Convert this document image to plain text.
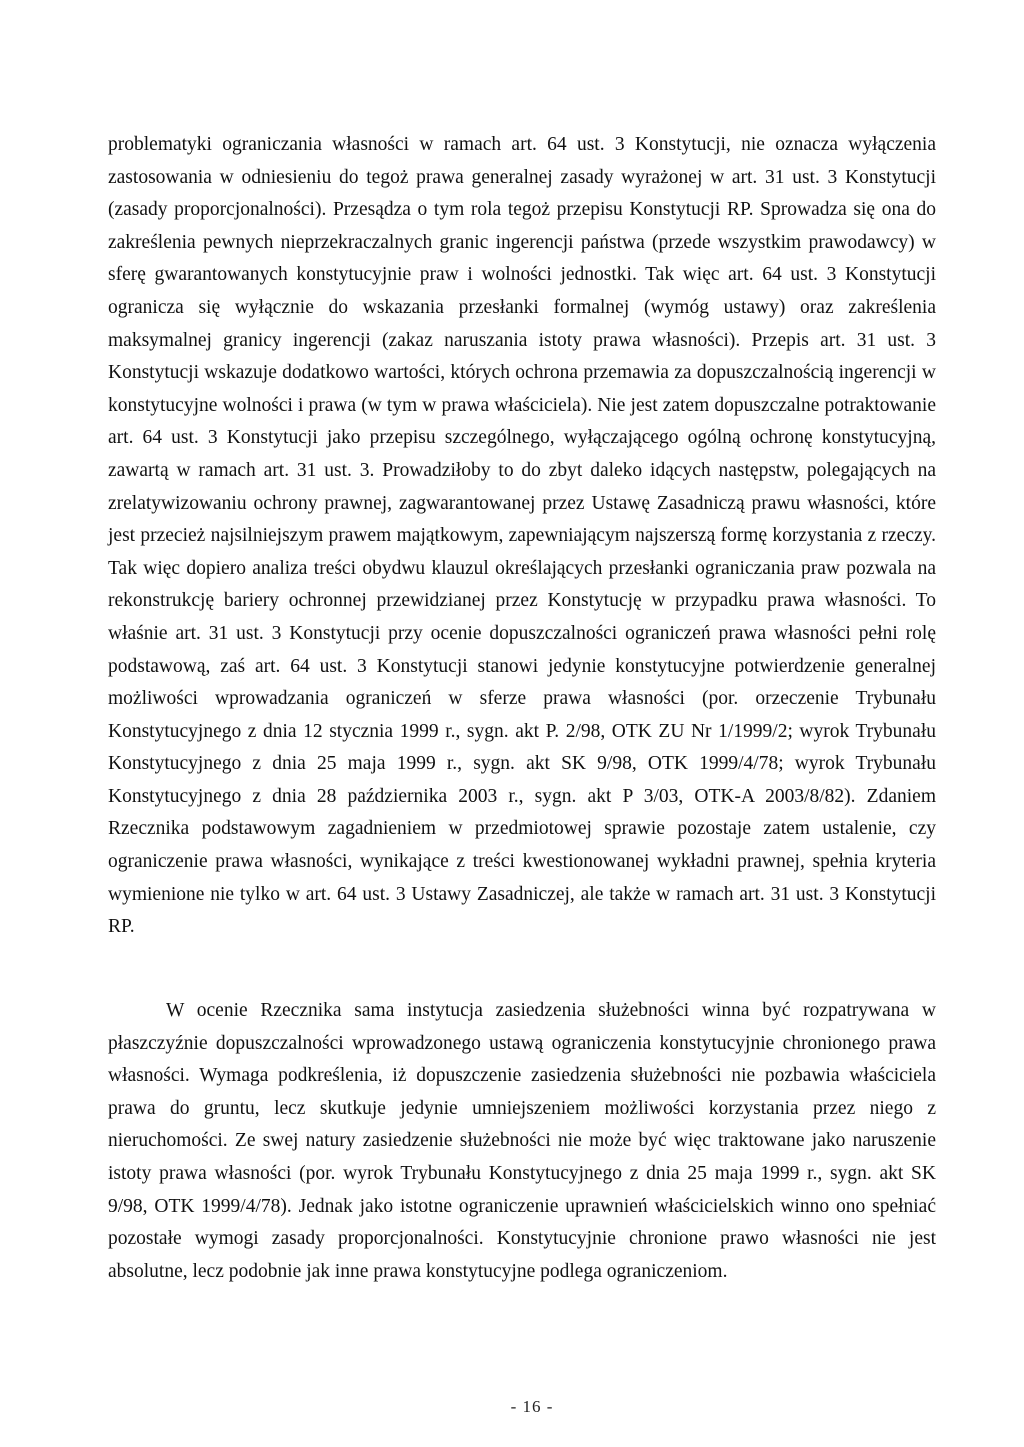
problematyki ograniczania własności w ramach art. 64 ust. 3 Konstytucji, nie oznacza wyłączenia zastosowania w odniesieniu do tegoż prawa generalnej zasady wyrażonej w art. 31 ust. 3 Konstytucji (zasady proporcjonalności). Przesądza o tym rola tegoż przepisu Konstytucji RP. Sprowadza się ona do zakreślenia pewnych nieprzekraczalnych granic ingerencji państwa (przede wszystkim prawodawcy) w sferę gwarantowanych konstytucyjnie praw i wolności jednostki. Tak więc art. 64 ust. 3 Konstytucji ogranicza się wyłącznie do wskazania przesłanki formalnej (wymóg ustawy) oraz zakreślenia maksymalnej granicy ingerencji (zakaz naruszania istoty prawa własności). Przepis art. 31 ust. 3 Konstytucji wskazuje dodatkowo wartości, których ochrona przemawia za dopuszczalnością ingerencji w konstytucyjne wolności i prawa (w tym w prawa właściciela). Nie jest zatem dopuszczalne potraktowanie art. 64 ust. 3 Konstytucji jako przepisu szczególnego, wyłączającego ogólną ochronę konstytucyjną, zawartą w ramach art. 31 ust. 3. Prowadziłoby to do zbyt daleko idących następstw, polegających na zrelatywizowaniu ochrony prawnej, zagwarantowanej przez Ustawę Zasadniczą prawu własności, które jest przecież najsilniejszym prawem majątkowym, zapewniającym najszerszą formę korzystania z rzeczy. Tak więc dopiero analiza treści obydwu klauzul określających przesłanki ograniczania praw pozwala na rekonstrukcję bariery ochronnej przewidzianej przez Konstytucję w przypadku prawa własności. To właśnie art. 31 ust. 3 Konstytucji przy ocenie dopuszczalności ograniczeń prawa własności pełni rolę podstawową, zaś art. 64 ust. 3 Konstytucji stanowi jedynie konstytucyjne potwierdzenie generalnej możliwości wprowadzania ograniczeń w sferze prawa własności (por. orzeczenie Trybunału Konstytucyjnego z dnia 12 stycznia 1999 r., sygn. akt P. 2/98, OTK ZU Nr 1/1999/2; wyrok Trybunału Konstytucyjnego z dnia 25 maja 1999 r., sygn. akt SK 9/98, OTK 1999/4/78; wyrok Trybunału Konstytucyjnego z dnia 28 października 2003 r., sygn. akt P 3/03, OTK-A 2003/8/82). Zdaniem Rzecznika podstawowym zagadnieniem w przedmiotowej sprawie pozostaje zatem ustalenie, czy ograniczenie prawa własności, wynikające z treści kwestionowanej wykładni prawnej, spełnia kryteria wymienione nie tylko w art. 64 ust. 3 Ustawy Zasadniczej, ale także w ramach art. 31 ust. 3 Konstytucji RP.
W ocenie Rzecznika sama instytucja zasiedzenia służebności winna być rozpatrywana w płaszczyźnie dopuszczalności wprowadzonego ustawą ograniczenia konstytucyjnie chronionego prawa własności. Wymaga podkreślenia, iż dopuszczenie zasiedzenia służebności nie pozbawia właściciela prawa do gruntu, lecz skutkuje jedynie umniejszeniem możliwości korzystania przez niego z nieruchomości. Ze swej natury zasiedzenie służebności nie może być więc traktowane jako naruszenie istoty prawa własności (por. wyrok Trybunału Konstytucyjnego z dnia 25 maja 1999 r., sygn. akt SK 9/98, OTK 1999/4/78). Jednak jako istotne ograniczenie uprawnień właścicielskich winno ono spełniać pozostałe wymogi zasady proporcjonalności. Konstytucyjnie chronione prawo własności nie jest absolutne, lecz podobnie jak inne prawa konstytucyjne podlega ograniczeniom.
- 16 -
